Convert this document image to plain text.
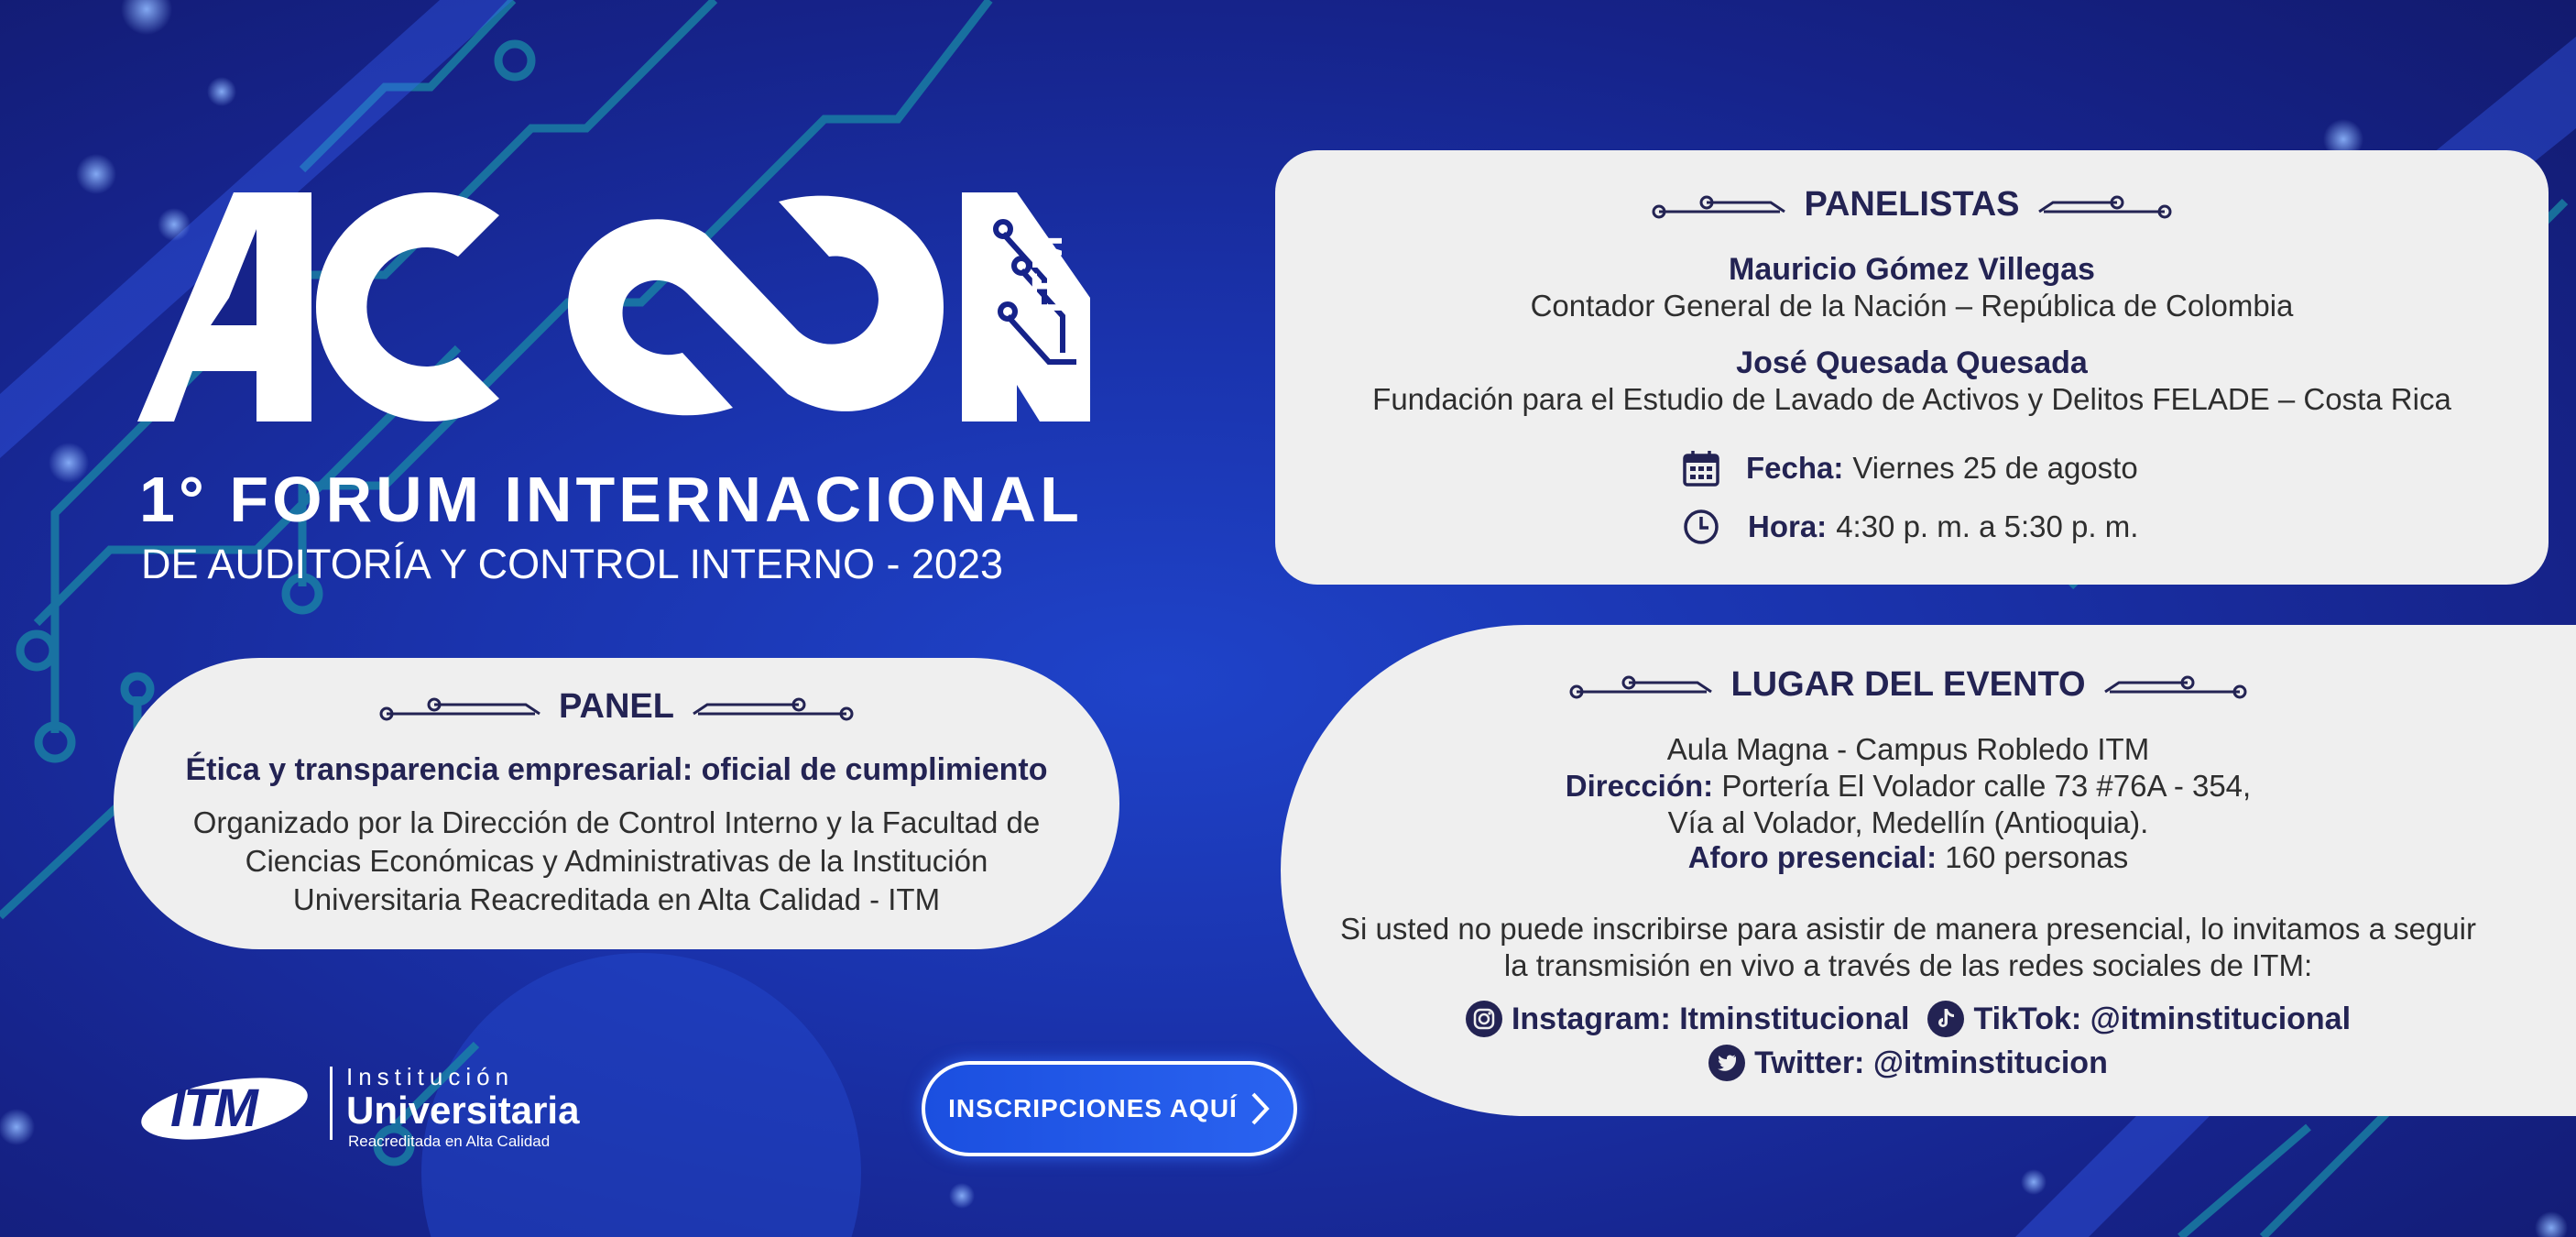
ITM
1° FORUM INTERNACIONAL
DE AUDITORÍA Y CONTROL INTERNO - 2023
PANEL
Ética y transparencia empresarial: oficial de cumplimiento
Organizado por la Dirección de Control Interno y la Facultad de
Ciencias Económicas y Administrativas de la Institución
Universitaria Reacreditada en Alta Calidad - ITM
PANELISTAS
Mauricio Gómez Villegas
Contador General de la Nación – República de Colombia
José Quesada Quesada
Fundación para el Estudio de Lavado de Activos y Delitos FELADE – Costa Rica
Fecha: Viernes 25 de agosto
Hora: 4:30 p. m. a 5:30 p. m.
LUGAR DEL EVENTO
Aula Magna - Campus Robledo ITM
Dirección: Portería El Volador calle 73 #76A - 354,
Vía al Volador, Medellín (Antioquia).
Aforo presencial: 160 personas
Si usted no puede inscribirse para asistir de manera presencial, lo invitamos a seguir
la transmisión en vivo a través de las redes sociales de ITM:
Instagram: Itminstitucional TikTok: @itminstitucional
Twitter: @itminstitucion
INSCRIPCIONES AQUÍ
ITM
Institución
Universitaria
Reacreditada en Alta Calidad
